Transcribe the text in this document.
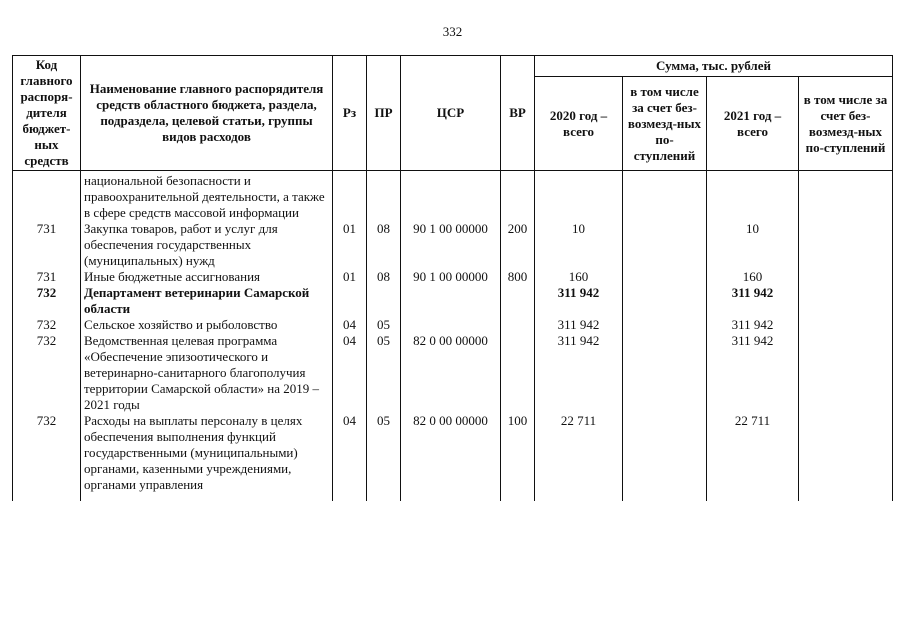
332
Код главного распоря-дителя бюджет-ных средств	Наименование главного распорядителя средств областного бюджета, раздела, подраздела, целевой статьи, группы видов расходов	Рз	ПР	ЦСР	ВР	Сумма, тыс. рублей			
						2020 год – всего	в том числе за счет без-возмезд-ных по-ступлений	2021 год – всего	в том числе за счет без-возмезд-ных по-ступлений
	национальной безопасности и правоохранительной деятельности, а также в сфере средств массовой информации								
731	Закупка товаров, работ и услуг для обеспечения государственных (муниципальных) нужд	01	08	90 1 00 00000	200	10		10	
731	Иные бюджетные ассигнования	01	08	90 1 00 00000	800	160		160	
732	Департамент ветеринарии Самарской области					311 942		311 942	
732	Сельское хозяйство и рыболовство	04	05			311 942		311 942	
732	Ведомственная целевая программа «Обеспечение эпизоотического и ветеринарно-санитарного благополучия территории Самарской области» на 2019 – 2021 годы	04	05	82 0 00 00000		311 942		311 942	
732	Расходы на выплаты персоналу в целях обеспечения выполнения функций государственными (муниципальными) органами, казенными учреждениями, органами управления	04	05	82 0 00 00000	100	22 711		22 711	
